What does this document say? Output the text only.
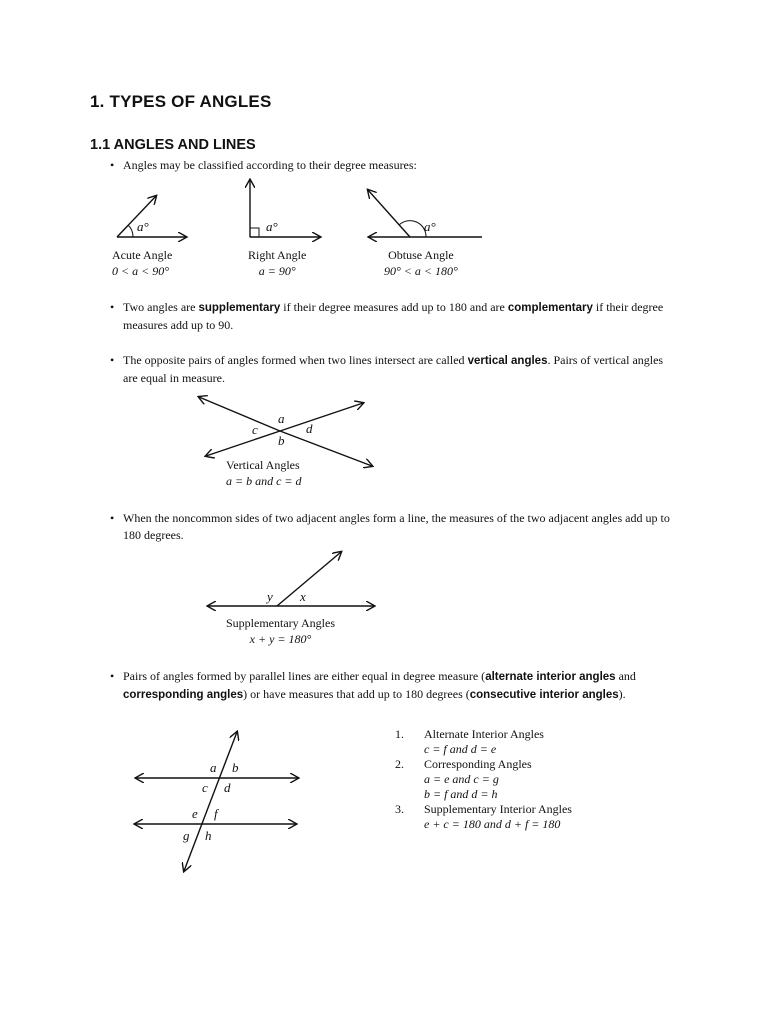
1. TYPES OF ANGLES
1.1 ANGLES AND LINES
• Angles may be classified according to their degree measures:
a°	a°	a°
Acute Angle
0 < a < 90°
Right Angle
a = 90°
Obtuse Angle
90° < a < 180°
• Two angles are supplementary if their degree measures add up to 180 and are complementary if their degree measures add up to 90.
• The opposite pairs of angles formed when two lines intersect are called vertical angles. Pairs of vertical angles are equal in measure.
a
b
c	d
Vertical Angles
a = b and c = d
• When the noncommon sides of two adjacent angles form a line, the measures of the two adjacent angles add up to 180 degrees.
x
y
Supplementary Angles
x + y = 180°
• Pairs of angles formed by parallel lines are either equal in degree measure (alternate interior angles and corresponding angles) or have measures that add up to 180 degrees (consecutive interior angles).
a b
c d
e f
g h
1. Alternate Interior Angles
c = f and d = e
2. Corresponding Angles
a = e and c = g
b = f and d = h
3. Supplementary Interior Angles
e + c = 180 and d + f = 180
